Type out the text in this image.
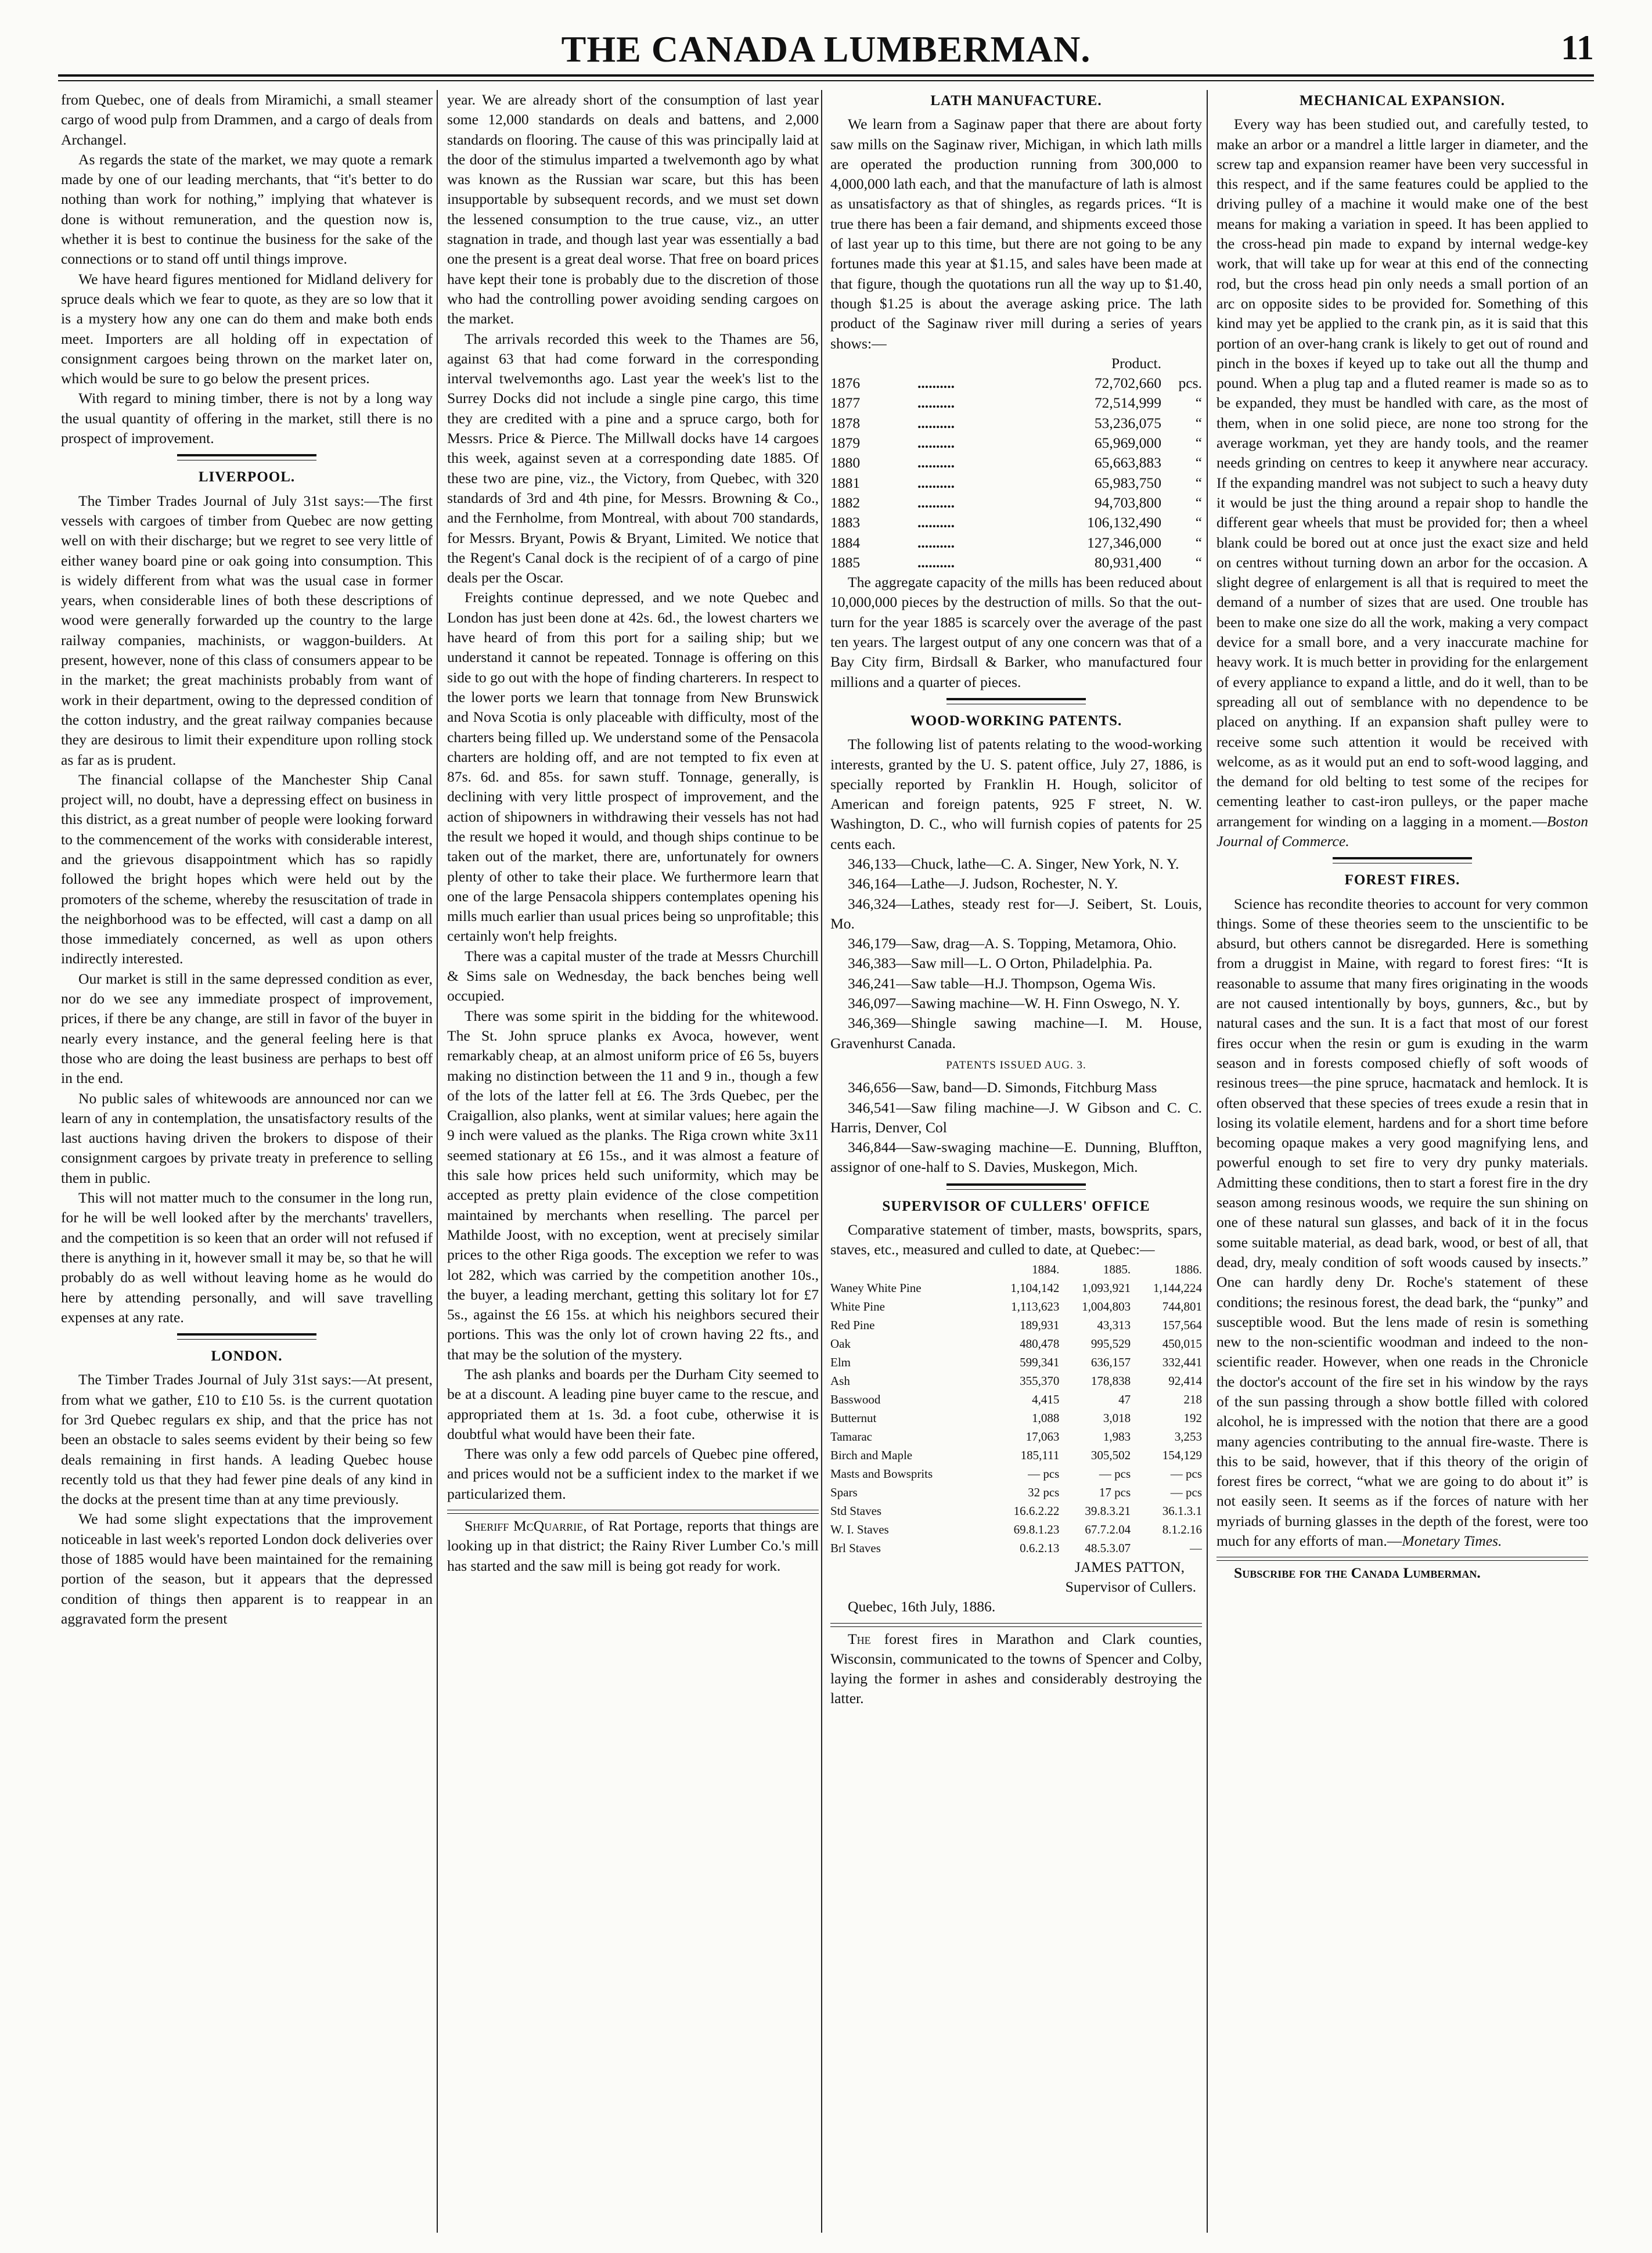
THE CANADA LUMBERMAN.	11

from Quebec, one of deals from Miramichi, a small steamer cargo of wood pulp from Drammen, and a cargo of deals from Archangel.

As regards the state of the market, we may quote a remark made by one of our leading merchants, that “it's better to do nothing than work for nothing,” implying that whatever is done is without remuneration, and the question now is, whether it is best to continue the business for the sake of the connections or to stand off until things improve.

We have heard figures mentioned for Midland delivery for spruce deals which we fear to quote, as they are so low that it is a mystery how any one can do them and make both ends meet. Importers are all holding off in expectation of consignment cargoes being thrown on the market later on, which would be sure to go below the present prices.

With regard to mining timber, there is not by a long way the usual quantity of offering in the market, still there is no prospect of improvement.

LIVERPOOL.

The Timber Trades Journal of July 31st says:—The first vessels with cargoes of timber from Quebec are now getting well on with their discharge; but we regret to see very little of either waney board pine or oak going into consumption. This is widely different from what was the usual case in former years, when considerable lines of both these descriptions of wood were generally forwarded up the country to the large railway companies, machinists, or waggon-builders. At present, however, none of this class of consumers appear to be in the market; the great machinists probably from want of work in their department, owing to the depressed condition of the cotton industry, and the great railway companies because they are desirous to limit their expenditure upon rolling stock as far as is prudent.

The financial collapse of the Manchester Ship Canal project will, no doubt, have a depressing effect on business in this district, as a great number of people were looking forward to the commencement of the works with considerable interest, and the grievous disappointment which has so rapidly followed the bright hopes which were held out by the promoters of the scheme, whereby the resuscitation of trade in the neighborhood was to be effected, will cast a damp on all those immediately concerned, as well as upon others indirectly interested.

Our market is still in the same depressed condition as ever, nor do we see any immediate prospect of improvement, prices, if there be any change, are still in favor of the buyer in nearly every instance, and the general feeling here is that those who are doing the least business are perhaps to best off in the end.

No public sales of whitewoods are announced nor can we learn of any in contemplation, the unsatisfactory results of the last auctions having driven the brokers to dispose of their consignment cargoes by private treaty in preference to selling them in public.

This will not matter much to the consumer in the long run, for he will be well looked after by the merchants' travellers, and the competition is so keen that an order will not refused if there is anything in it, however small it may be, so that he will probably do as well without leaving home as he would do here by attending personally, and will save travelling expenses at any rate.

LONDON.

The Timber Trades Journal of July 31st says:—At present, from what we gather, £10 to £10 5s. is the current quotation for 3rd Quebec regulars ex ship, and that the price has not been an obstacle to sales seems evident by their being so few deals remaining in first hands. A leading Quebec house recently told us that they had fewer pine deals of any kind in the docks at the present time than at any time previously.

We had some slight expectations that the improvement noticeable in last week's reported London dock deliveries over those of 1885 would have been maintained for the remaining portion of the season, but it appears that the depressed condition of things then apparent is to reappear in an aggravated form the present

year. We are already short of the consumption of last year some 12,000 standards on deals and battens, and 2,000 standards on flooring. The cause of this was principally laid at the door of the stimulus imparted a twelvemonth ago by what was known as the Russian war scare, but this has been insupportable by subsequent records, and we must set down the lessened consumption to the true cause, viz., an utter stagnation in trade, and though last year was essentially a bad one the present is a great deal worse. That free on board prices have kept their tone is probably due to the discretion of those who had the controlling power avoiding sending cargoes on the market.

The arrivals recorded this week to the Thames are 56, against 63 that had come forward in the corresponding interval twelvemonths ago. Last year the week's list to the Surrey Docks did not include a single pine cargo, this time they are credited with a pine and a spruce cargo, both for Messrs. Price & Pierce. The Millwall docks have 14 cargoes this week, against seven at a corresponding date 1885. Of these two are pine, viz., the Victory, from Quebec, with 320 standards of 3rd and 4th pine, for Messrs. Browning & Co., and the Fernholme, from Montreal, with about 700 standards, for Messrs. Bryant, Powis & Bryant, Limited. We notice that the Regent's Canal dock is the recipient of of a cargo of pine deals per the Oscar.

Freights continue depressed, and we note Quebec and London has just been done at 42s. 6d., the lowest charters we have heard of from this port for a sailing ship; but we understand it cannot be repeated. Tonnage is offering on this side to go out with the hope of finding charterers. In respect to the lower ports we learn that tonnage from New Brunswick and Nova Scotia is only placeable with difficulty, most of the charters being filled up. We understand some of the Pensacola charters are holding off, and are not tempted to fix even at 87s. 6d. and 85s. for sawn stuff. Tonnage, generally, is declining with very little prospect of improvement, and the action of shipowners in withdrawing their vessels has not had the result we hoped it would, and though ships continue to be taken out of the market, there are, unfortunately for owners plenty of other to take their place. We furthermore learn that one of the large Pensacola shippers contemplates opening his mills much earlier than usual prices being so unprofitable; this certainly won't help freights.

There was a capital muster of the trade at Messrs Churchill & Sims sale on Wednesday, the back benches being well occupied.

There was some spirit in the bidding for the whitewood. The St. John spruce planks ex Avoca, however, went remarkably cheap, at an almost uniform price of £6 5s, buyers making no distinction between the 11 and 9 in., though a few of the lots of the latter fell at £6. The 3rds Quebec, per the Craigallion, also planks, went at similar values; here again the 9 inch were valued as the planks. The Riga crown white 3x11 seemed stationary at £6 15s., and it was almost a feature of this sale how prices held such uniformity, which may be accepted as pretty plain evidence of the close competition maintained by merchants when reselling. The parcel per Mathilde Joost, with no exception, went at precisely similar prices to the other Riga goods. The exception we refer to was lot 282, which was carried by the competition another 10s., the buyer, a leading merchant, getting this solitary lot for £7 5s., against the £6 15s. at which his neighbors secured their portions. This was the only lot of crown having 22 fts., and that may be the solution of the mystery.

The ash planks and boards per the Durham City seemed to be at a discount. A leading pine buyer came to the rescue, and appropriated them at 1s. 3d. a foot cube, otherwise it is doubtful what would have been their fate.

There was only a few odd parcels of Quebec pine offered, and prices would not be a sufficient index to the market if we particularized them.

Sheriff McQuarrie, of Rat Portage, reports that things are looking up in that district; the Rainy River Lumber Co.'s mill has started and the saw mill is being got ready for work.

LATH MANUFACTURE.

We learn from a Saginaw paper that there are about forty saw mills on the Saginaw river, Michigan, in which lath mills are operated the production running from 300,000 to 4,000,000 lath each, and that the manufacture of lath is almost as unsatisfactory as that of shingles, as regards prices. “It is true there has been a fair demand, and shipments exceed those of last year up to this time, but there are not going to be any fortunes made this year at $1.15, and sales have been made at that figure, though the quotations run all the way up to $1.40, though $1.25 is about the average asking price. The lath product of the Saginaw river mill during a series of years shows:—

	Product.		
1876	..........	72,702,660	pcs.
1877	..........	72,514,999	“
1878	..........	53,236,075	“
1879	..........	65,969,000	“
1880	..........	65,663,883	“
1881	..........	65,983,750	“
1882	..........	94,703,800	“
1883	..........	106,132,490	“
1884	..........	127,346,000	“
1885	..........	80,931,400	“

The aggregate capacity of the mills has been reduced about 10,000,000 pieces by the destruction of mills. So that the out-turn for the year 1885 is scarcely over the average of the past ten years. The largest output of any one concern was that of a Bay City firm, Birdsall & Barker, who manufactured four millions and a quarter of pieces.

WOOD-WORKING PATENTS.

The following list of patents relating to the wood-working interests, granted by the U. S. patent office, July 27, 1886, is specially reported by Franklin H. Hough, solicitor of American and foreign patents, 925 F street, N. W. Washington, D. C., who will furnish copies of patents for 25 cents each.

346,133—Chuck, lathe—C. A. Singer, New York, N. Y.

346,164—Lathe—J. Judson, Rochester, N. Y.

346,324—Lathes, steady rest for—J. Seibert, St. Louis, Mo.

346,179—Saw, drag—A. S. Topping, Metamora, Ohio.

346,383—Saw mill—L. O Orton, Philadelphia. Pa.

346,241—Saw table—H.J. Thompson, Ogema Wis.

346,097—Sawing machine—W. H. Finn Oswego, N. Y.

346,369—Shingle sawing machine—I. M. House, Gravenhurst Canada.

PATENTS ISSUED AUG. 3.

346,656—Saw, band—D. Simonds, Fitchburg Mass

346,541—Saw filing machine—J. W Gibson and C. C. Harris, Denver, Col

346,844—Saw-swaging machine—E. Dunning, Bluffton, assignor of one-half to S. Davies, Muskegon, Mich.

SUPERVISOR OF CULLERS' OFFICE

Comparative statement of timber, masts, bowsprits, spars, staves, etc., measured and culled to date, at Quebec:—

	1884.	1885.	1886.
Waney White Pine	1,104,142	1,093,921	1,144,224
White Pine	1,113,623	1,004,803	744,801
Red Pine	189,931	43,313	157,564
Oak	480,478	995,529	450,015
Elm	599,341	636,157	332,441
Ash	355,370	178,838	92,414
Basswood	4,415	47	218
Butternut	1,088	3,018	192
Tamarac	17,063	1,983	3,253
Birch and Maple	185,111	305,502	154,129
Masts and Bowsprits	— pcs	— pcs	— pcs
Spars	32 pcs	17 pcs	— pcs
Std Staves	16.6.2.22	39.8.3.21	36.1.3.1
W. I. Staves	69.8.1.23	67.7.2.04	8.1.2.16
Brl Staves	0.6.2.13	48.5.3.07	—

JAMES PATTON,

Supervisor of Cullers.

Quebec, 16th July, 1886.

The forest fires in Marathon and Clark counties, Wisconsin, communicated to the towns of Spencer and Colby, laying the former in ashes and considerably destroying the latter.

MECHANICAL EXPANSION.

Every way has been studied out, and carefully tested, to make an arbor or a mandrel a little larger in diameter, and the screw tap and expansion reamer have been very successful in this respect, and if the same features could be applied to the driving pulley of a machine it would make one of the best means for making a variation in speed. It has been applied to the cross-head pin made to expand by internal wedge-key work, that will take up for wear at this end of the connecting rod, but the cross head pin only needs a small portion of an arc on opposite sides to be provided for. Something of this kind may yet be applied to the crank pin, as it is said that this portion of an over-hang crank is likely to get out of round and pinch in the boxes if keyed up to take out all the thump and pound. When a plug tap and a fluted reamer is made so as to be expanded, they must be handled with care, as the most of them, when in one solid piece, are none too strong for the average workman, yet they are handy tools, and the reamer needs grinding on centres to keep it anywhere near accuracy. If the expanding mandrel was not subject to such a heavy duty it would be just the thing around a repair shop to handle the different gear wheels that must be provided for; then a wheel blank could be bored out at once just the exact size and held on centres without turning down an arbor for the occasion. A slight degree of enlargement is all that is required to meet the demand of a number of sizes that are used. One trouble has been to make one size do all the work, making a very compact device for a small bore, and a very inaccurate machine for heavy work. It is much better in providing for the enlargement of every appliance to expand a little, and do it well, than to be spreading all out of semblance with no dependence to be placed on anything. If an expansion shaft pulley were to receive some such attention it would be received with welcome, as as it would put an end to soft-wood lagging, and the demand for old belting to test some of the recipes for cementing leather to cast-iron pulleys, or the paper mache arrangement for winding on a lagging in a moment.—Boston Journal of Commerce.

FOREST FIRES.

Science has recondite theories to account for very common things. Some of these theories seem to the unscientific to be absurd, but others cannot be disregarded. Here is something from a druggist in Maine, with regard to forest fires: “It is reasonable to assume that many fires originating in the woods are not caused intentionally by boys, gunners, &c., but by natural cases and the sun. It is a fact that most of our forest fires occur when the resin or gum is exuding in the warm season and in forests composed chiefly of soft woods of resinous trees—the pine spruce, hacmatack and hemlock. It is often observed that these species of trees exude a resin that in losing its volatile element, hardens and for a short time before becoming opaque makes a very good magnifying lens, and powerful enough to set fire to very dry punky materials. Admitting these conditions, then to start a forest fire in the dry season among resinous woods, we require the sun shining on one of these natural sun glasses, and back of it in the focus some suitable material, as dead bark, wood, or best of all, that dead, dry, mealy condition of soft woods caused by insects.” One can hardly deny Dr. Roche's statement of these conditions; the resinous forest, the dead bark, the “punky” and susceptible wood. But the lens made of resin is something new to the non-scientific woodman and indeed to the non-scientific reader. However, when one reads in the Chronicle the doctor's account of the fire set in his window by the rays of the sun passing through a show bottle filled with colored alcohol, he is impressed with the notion that there are a good many agencies contributing to the annual fire-waste. There is this to be said, however, that if this theory of the origin of forest fires be correct, “what we are going to do about it” is not easily seen. It seems as if the forces of nature with her myriads of burning glasses in the depth of the forest, were too much for any efforts of man.—Monetary Times.

Subscribe for the Canada Lumberman.
